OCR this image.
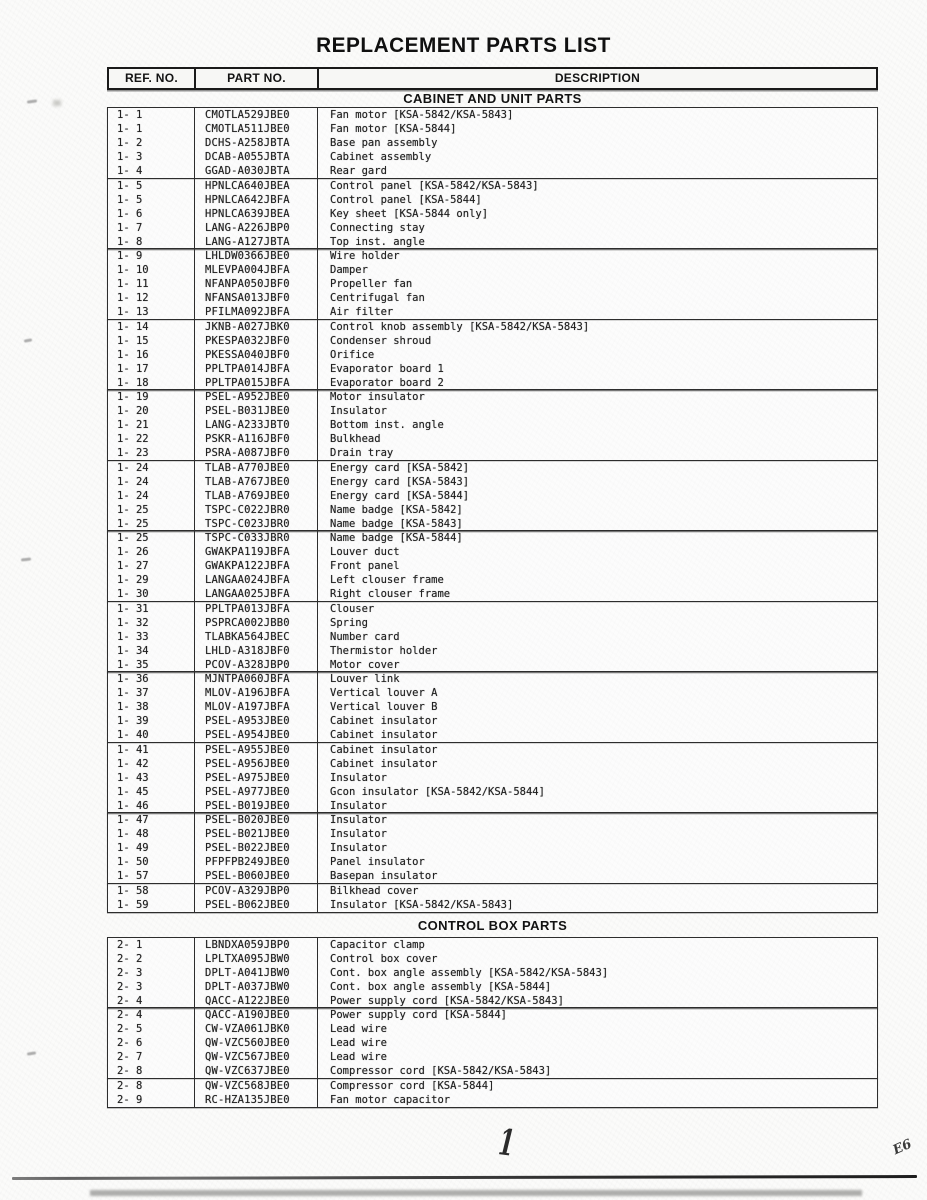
REPLACEMENT PARTS LIST
REF. NO.	PART NO.	DESCRIPTION
CABINET AND UNIT PARTS
1- 1	CMOTLA529JBE0	Fan motor [KSA-5842/KSA-5843]
1- 1	CMOTLA511JBE0	Fan motor [KSA-5844]
1- 2	DCHS-A258JBTA	Base pan assembly
1- 3	DCAB-A055JBTA	Cabinet assembly
1- 4	GGAD-A030JBTA	Rear gard
1- 5	HPNLCA640JBEA	Control panel [KSA-5842/KSA-5843]
1- 5	HPNLCA642JBFA	Control panel [KSA-5844]
1- 6	HPNLCA639JBEA	Key sheet [KSA-5844 only]
1- 7	LANG-A226JBP0	Connecting stay
1- 8	LANG-A127JBTA	Top inst. angle
1- 9	LHLDW0366JBE0	Wire holder
1- 10	MLEVPA004JBFA	Damper
1- 11	NFANPA050JBF0	Propeller fan
1- 12	NFANSA013JBF0	Centrifugal fan
1- 13	PFILMA092JBFA	Air filter
1- 14	JKNB-A027JBK0	Control knob assembly [KSA-5842/KSA-5843]
1- 15	PKESPA032JBF0	Condenser shroud
1- 16	PKESSA040JBF0	Orifice
1- 17	PPLTPA014JBFA	Evaporator board 1
1- 18	PPLTPA015JBFA	Evaporator board 2
1- 19	PSEL-A952JBE0	Motor insulator
1- 20	PSEL-B031JBE0	Insulator
1- 21	LANG-A233JBT0	Bottom inst. angle
1- 22	PSKR-A116JBF0	Bulkhead
1- 23	PSRA-A087JBF0	Drain tray
1- 24	TLAB-A770JBE0	Energy card [KSA-5842]
1- 24	TLAB-A767JBE0	Energy card [KSA-5843]
1- 24	TLAB-A769JBE0	Energy card [KSA-5844]
1- 25	TSPC-C022JBR0	Name badge [KSA-5842]
1- 25	TSPC-C023JBR0	Name badge [KSA-5843]
1- 25	TSPC-C033JBR0	Name badge [KSA-5844]
1- 26	GWAKPA119JBFA	Louver duct
1- 27	GWAKPA122JBFA	Front panel
1- 29	LANGAA024JBFA	Left clouser frame
1- 30	LANGAA025JBFA	Right clouser frame
1- 31	PPLTPA013JBFA	Clouser
1- 32	PSPRCA002JBB0	Spring
1- 33	TLABKA564JBEC	Number card
1- 34	LHLD-A318JBF0	Thermistor holder
1- 35	PCOV-A328JBP0	Motor cover
1- 36	MJNTPA060JBFA	Louver link
1- 37	MLOV-A196JBFA	Vertical louver A
1- 38	MLOV-A197JBFA	Vertical louver B
1- 39	PSEL-A953JBE0	Cabinet insulator
1- 40	PSEL-A954JBE0	Cabinet insulator
1- 41	PSEL-A955JBE0	Cabinet insulator
1- 42	PSEL-A956JBE0	Cabinet insulator
1- 43	PSEL-A975JBE0	Insulator
1- 45	PSEL-A977JBE0	Gcon insulator [KSA-5842/KSA-5844]
1- 46	PSEL-B019JBE0	Insulator
1- 47	PSEL-B020JBE0	Insulator
1- 48	PSEL-B021JBE0	Insulator
1- 49	PSEL-B022JBE0	Insulator
1- 50	PFPFPB249JBE0	Panel insulator
1- 57	PSEL-B060JBE0	Basepan insulator
1- 58	PCOV-A329JBP0	Bilkhead cover
1- 59	PSEL-B062JBE0	Insulator [KSA-5842/KSA-5843]
CONTROL BOX PARTS
2- 1	LBNDXA059JBP0	Capacitor clamp
2- 2	LPLTXA095JBW0	Control box cover
2- 3	DPLT-A041JBW0	Cont. box angle assembly [KSA-5842/KSA-5843]
2- 3	DPLT-A037JBW0	Cont. box angle assembly [KSA-5844]
2- 4	QACC-A122JBE0	Power supply cord [KSA-5842/KSA-5843]
2- 4	QACC-A190JBE0	Power supply cord [KSA-5844]
2- 5	CW-VZA061JBK0	Lead wire
2- 6	QW-VZC560JBE0	Lead wire
2- 7	QW-VZC567JBE0	Lead wire
2- 8	QW-VZC637JBE0	Compressor cord [KSA-5842/KSA-5843]
2- 8	QW-VZC568JBE0	Compressor cord [KSA-5844]
2- 9	RC-HZA135JBE0	Fan motor capacitor
1	E6
